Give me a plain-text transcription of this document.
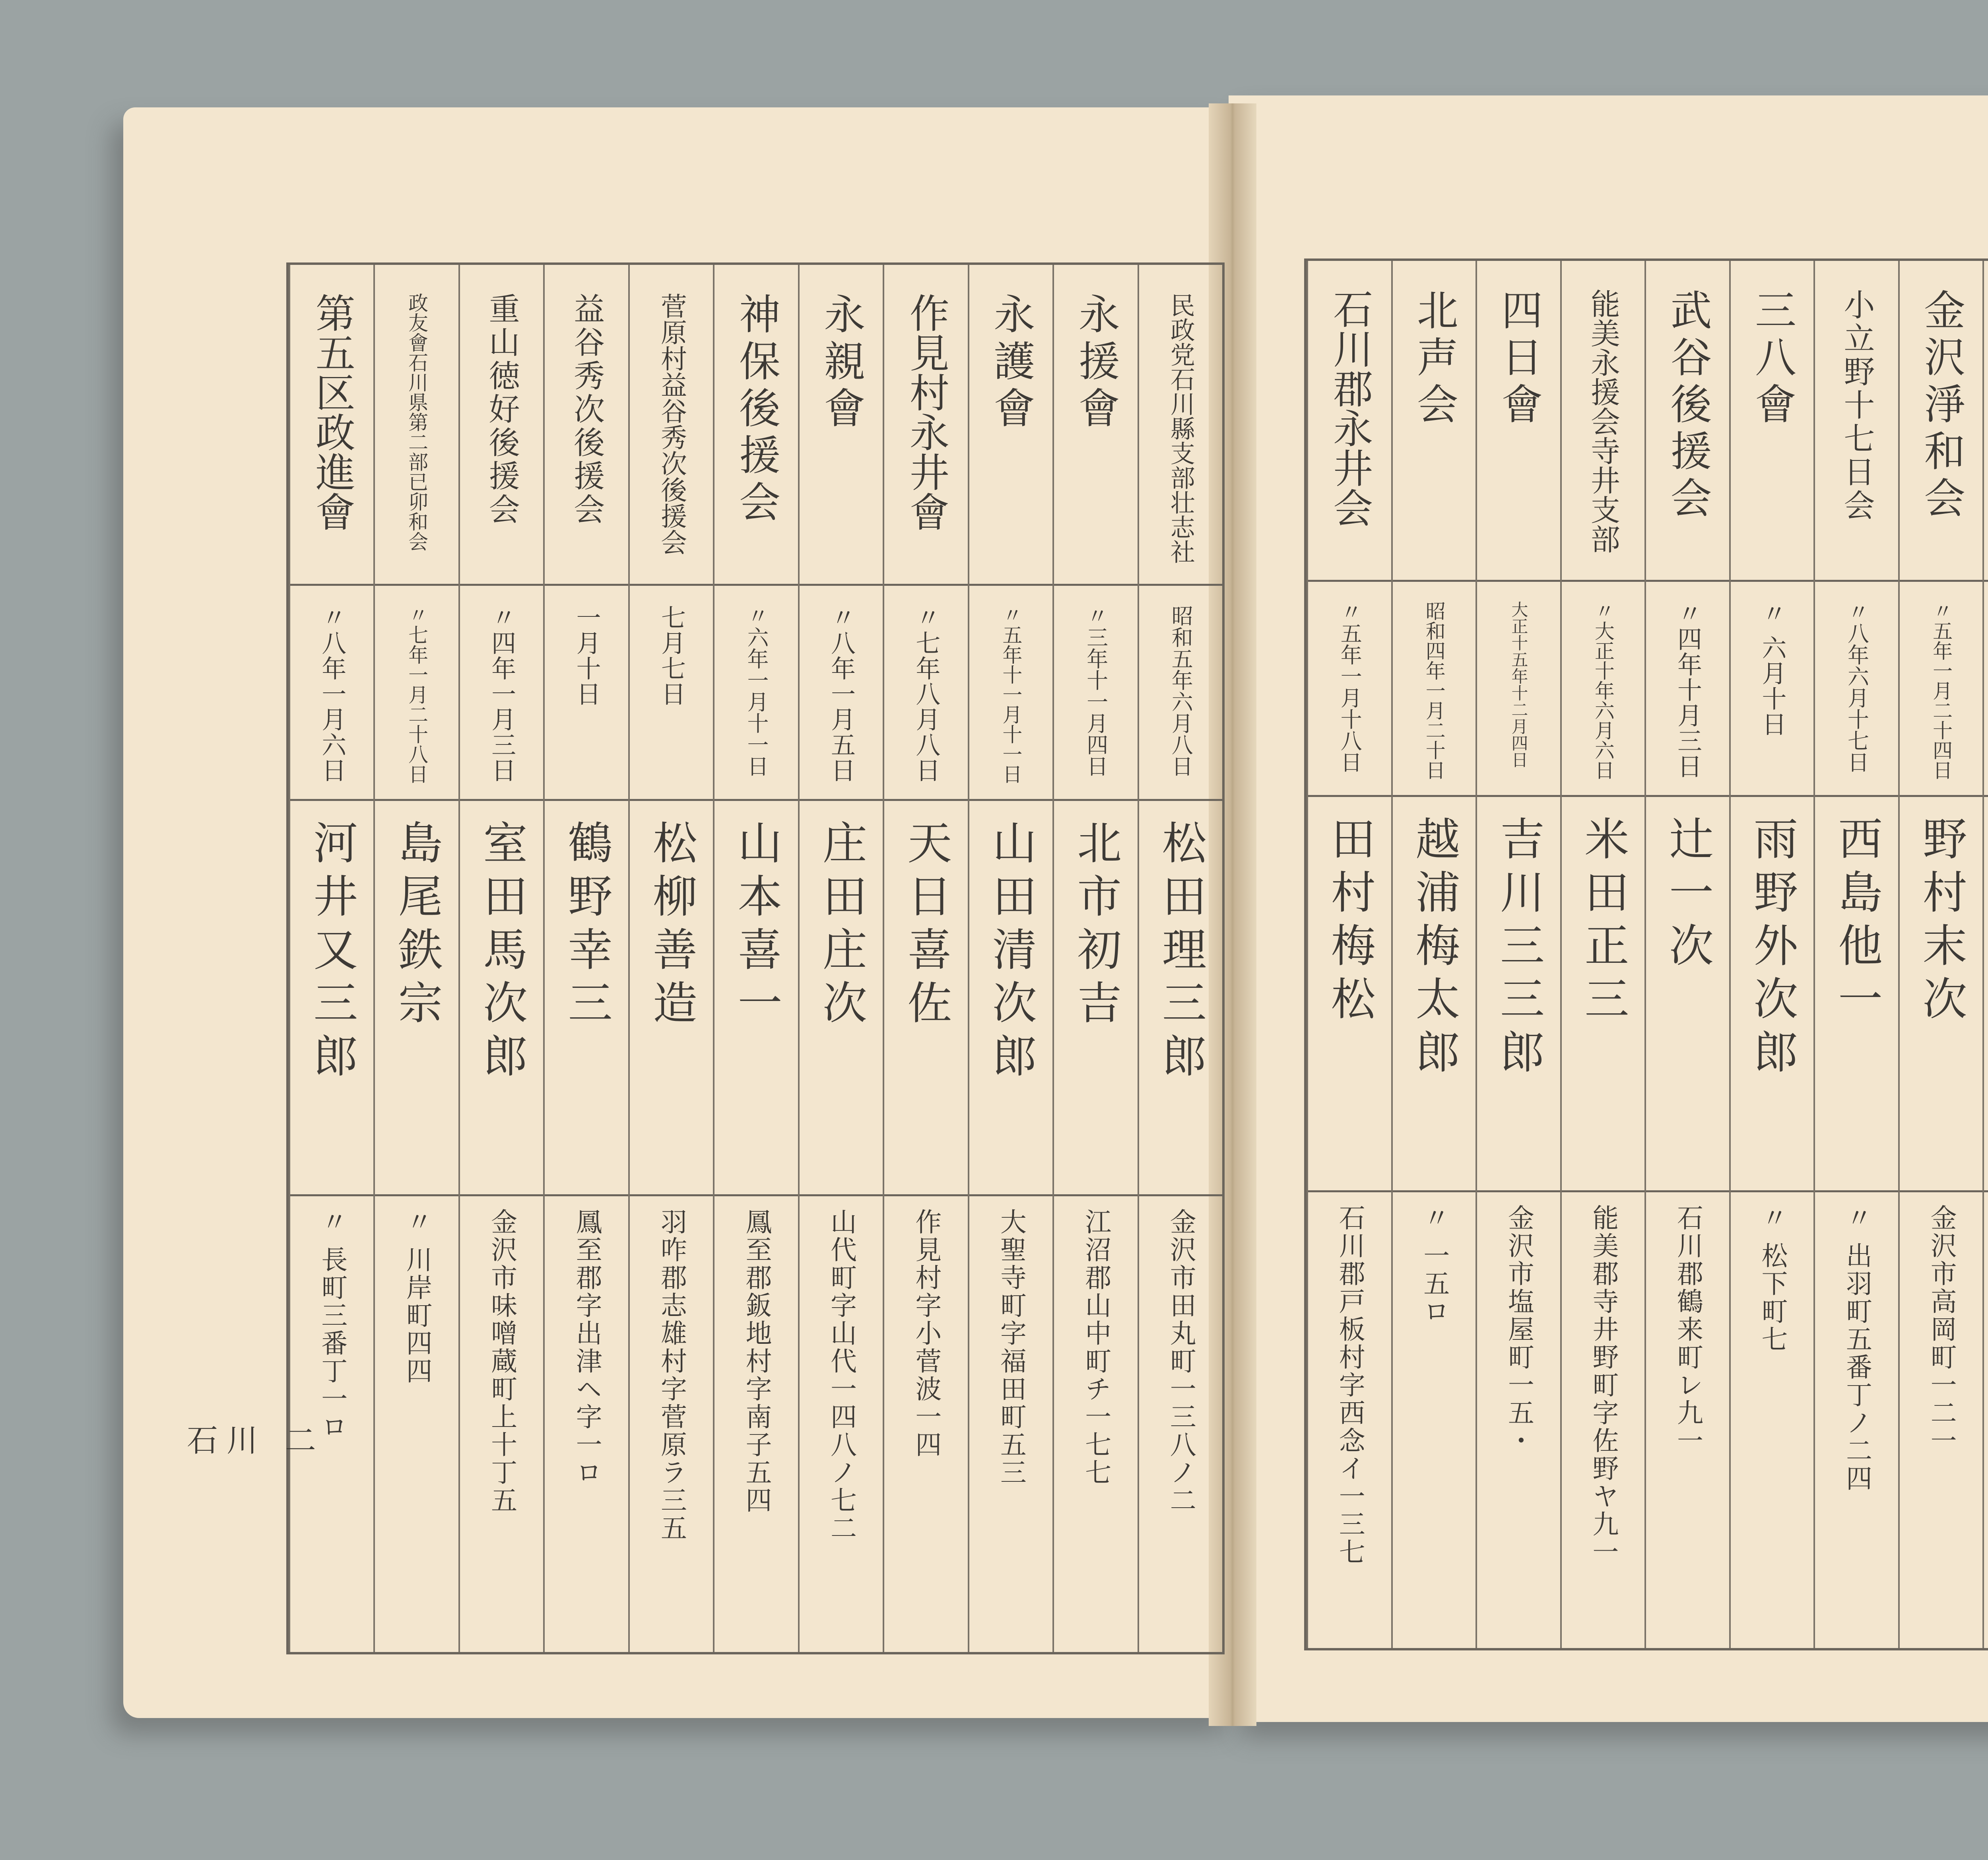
民政党石川縣支部壮志社
昭和五年六月八日
松田理三郎
金沢市田丸町一三八ノ二
永援會
〃三年十一月四日
北市初吉
江沼郡山中町チ一七七
永護會
〃五年十一月十一日
山田清次郎
大聖寺町字福田町五三
作見村永井會
〃七年八月八日
天日喜佐
作見村字小菅波一四
永親會
〃八年一月五日
庄田庄次
山代町字山代一四八ノ七二
神保後援会
〃六年一月十一日
山本喜一
鳳至郡鈑地村字南子五四
菅原村益谷秀次後援会
七月七日
松柳善造
羽咋郡志雄村字菅原ラ三五
益谷秀次後援会
一月十日
鶴野幸三
鳳至郡字出津ヘ字一ロ
重山徳好後援会
〃四年一月三日
室田馬次郎
金沢市味噌蔵町上十丁五
政友會石川県第二部已卯和会
〃七年一月二十八日
島尾鉄宗
〃 川岸町四四
第五区政進會
〃八年一月六日
河井又三郎
〃 長町三番丁一ロ
金沢淨和会
〃五年一月二十四日
野村末次
金沢市高岡町一二一
小立野十七日会
〃八年六月十七日
西島他一
〃 出羽町五番丁ノ二四
三八會
〃 六月十日
雨野外次郎
〃 松下町七
武谷後援会
〃四年十月三日
辻一次
石川郡鶴来町レ九一
能美永援会寺井支部
〃大正十年六月六日
米田正三
能美郡寺井野町字佐野ヤ九一
四日會
大正十五年十二月四日
吉川三三郎
金沢市塩屋町一五・
北声会
昭和四年一月二十日
越浦梅太郎
〃 一五ロ
石川郡永井会
〃五年一月十八日
田村梅松
石川郡戸板村字西念イ一三七
石川 二
